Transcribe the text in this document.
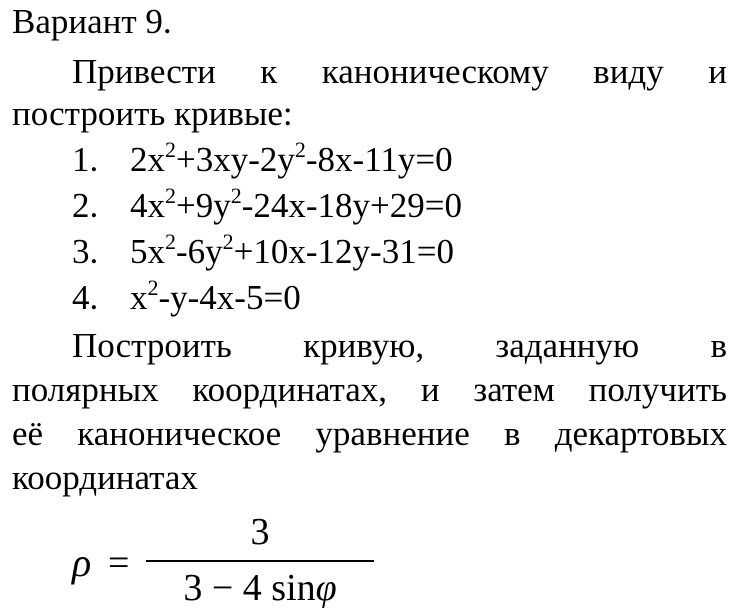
Вариант 9.
Привести к каноническому виду и
построить кривые:
1. $2x^2+3xy-2y^2-8x-11y=0$
2. $4x^2+9y^2-24x-18y+29=0$
3. $5x^2-6y^2+10x-12y-31=0$
4. $x^2-y-4x-5=0$
Построить кривую, заданную в
полярных координатах, и затем получить
её каноническое уравнение в декартовых
координатах
ρ =
3
3 − 4 sinφ
